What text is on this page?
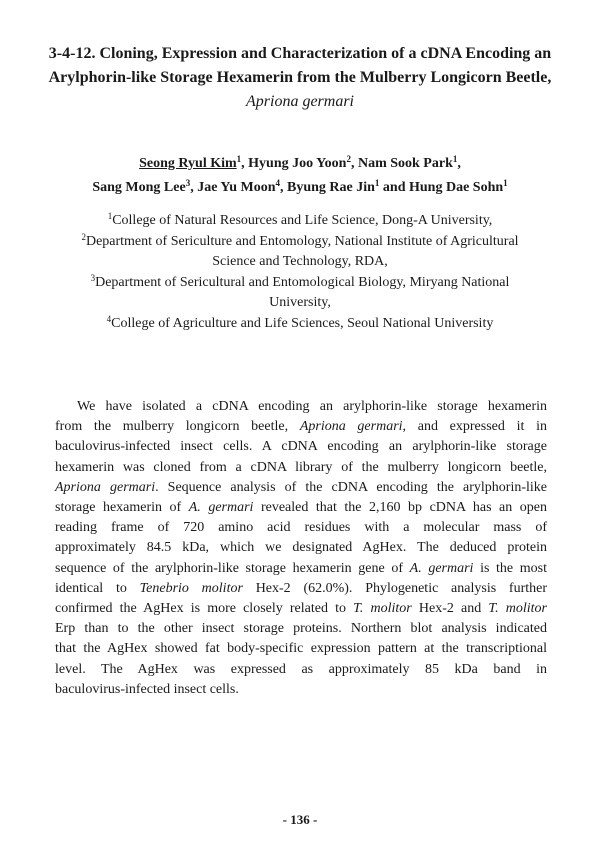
3-4-12. Cloning, Expression and Characterization of a cDNA Encoding an
Arylphorin-like Storage Hexamerin from the Mulberry Longicorn Beetle,
Apriona germari
Seong Ryul Kim$^1$, Hyung Joo Yoon$^2$, Nam Sook Park$^1$,
Sang Mong Lee$^3$, Jae Yu Moon$^4$, Byung Rae Jin$^1$ and Hung Dae Sohn$^1$
$^1$College of Natural Resources and Life Science, Dong-A University,
$^2$Department of Sericulture and Entomology, National Institute of Agricultural
Science and Technology, RDA,
$^3$Department of Sericultural and Entomological Biology, Miryang National
University,
$^4$College of Agriculture and Life Sciences, Seoul National University
We have isolated a cDNA encoding an arylphorin-like storage hexamerin
from the mulberry longicorn beetle, Apriona germari, and expressed it in
baculovirus-infected insect cells. A cDNA encoding an arylphorin-like storage
hexamerin was cloned from a cDNA library of the mulberry longicorn beetle,
Apriona germari. Sequence analysis of the cDNA encoding the arylphorin-like
storage hexamerin of A. germari revealed that the 2,160 bp cDNA has an open
reading frame of 720 amino acid residues with a molecular mass of
approximately 84.5 kDa, which we designated AgHex. The deduced protein
sequence of the arylphorin-like storage hexamerin gene of A. germari is the most
identical to Tenebrio molitor Hex-2 (62.0%). Phylogenetic analysis further
confirmed the AgHex is more closely related to T. molitor Hex-2 and T. molitor
Erp than to the other insect storage proteins. Northern blot analysis indicated
that the AgHex showed fat body-specific expression pattern at the transcriptional
level. The AgHex was expressed as approximately 85 kDa band in
baculovirus-infected insect cells.
- 136 -
